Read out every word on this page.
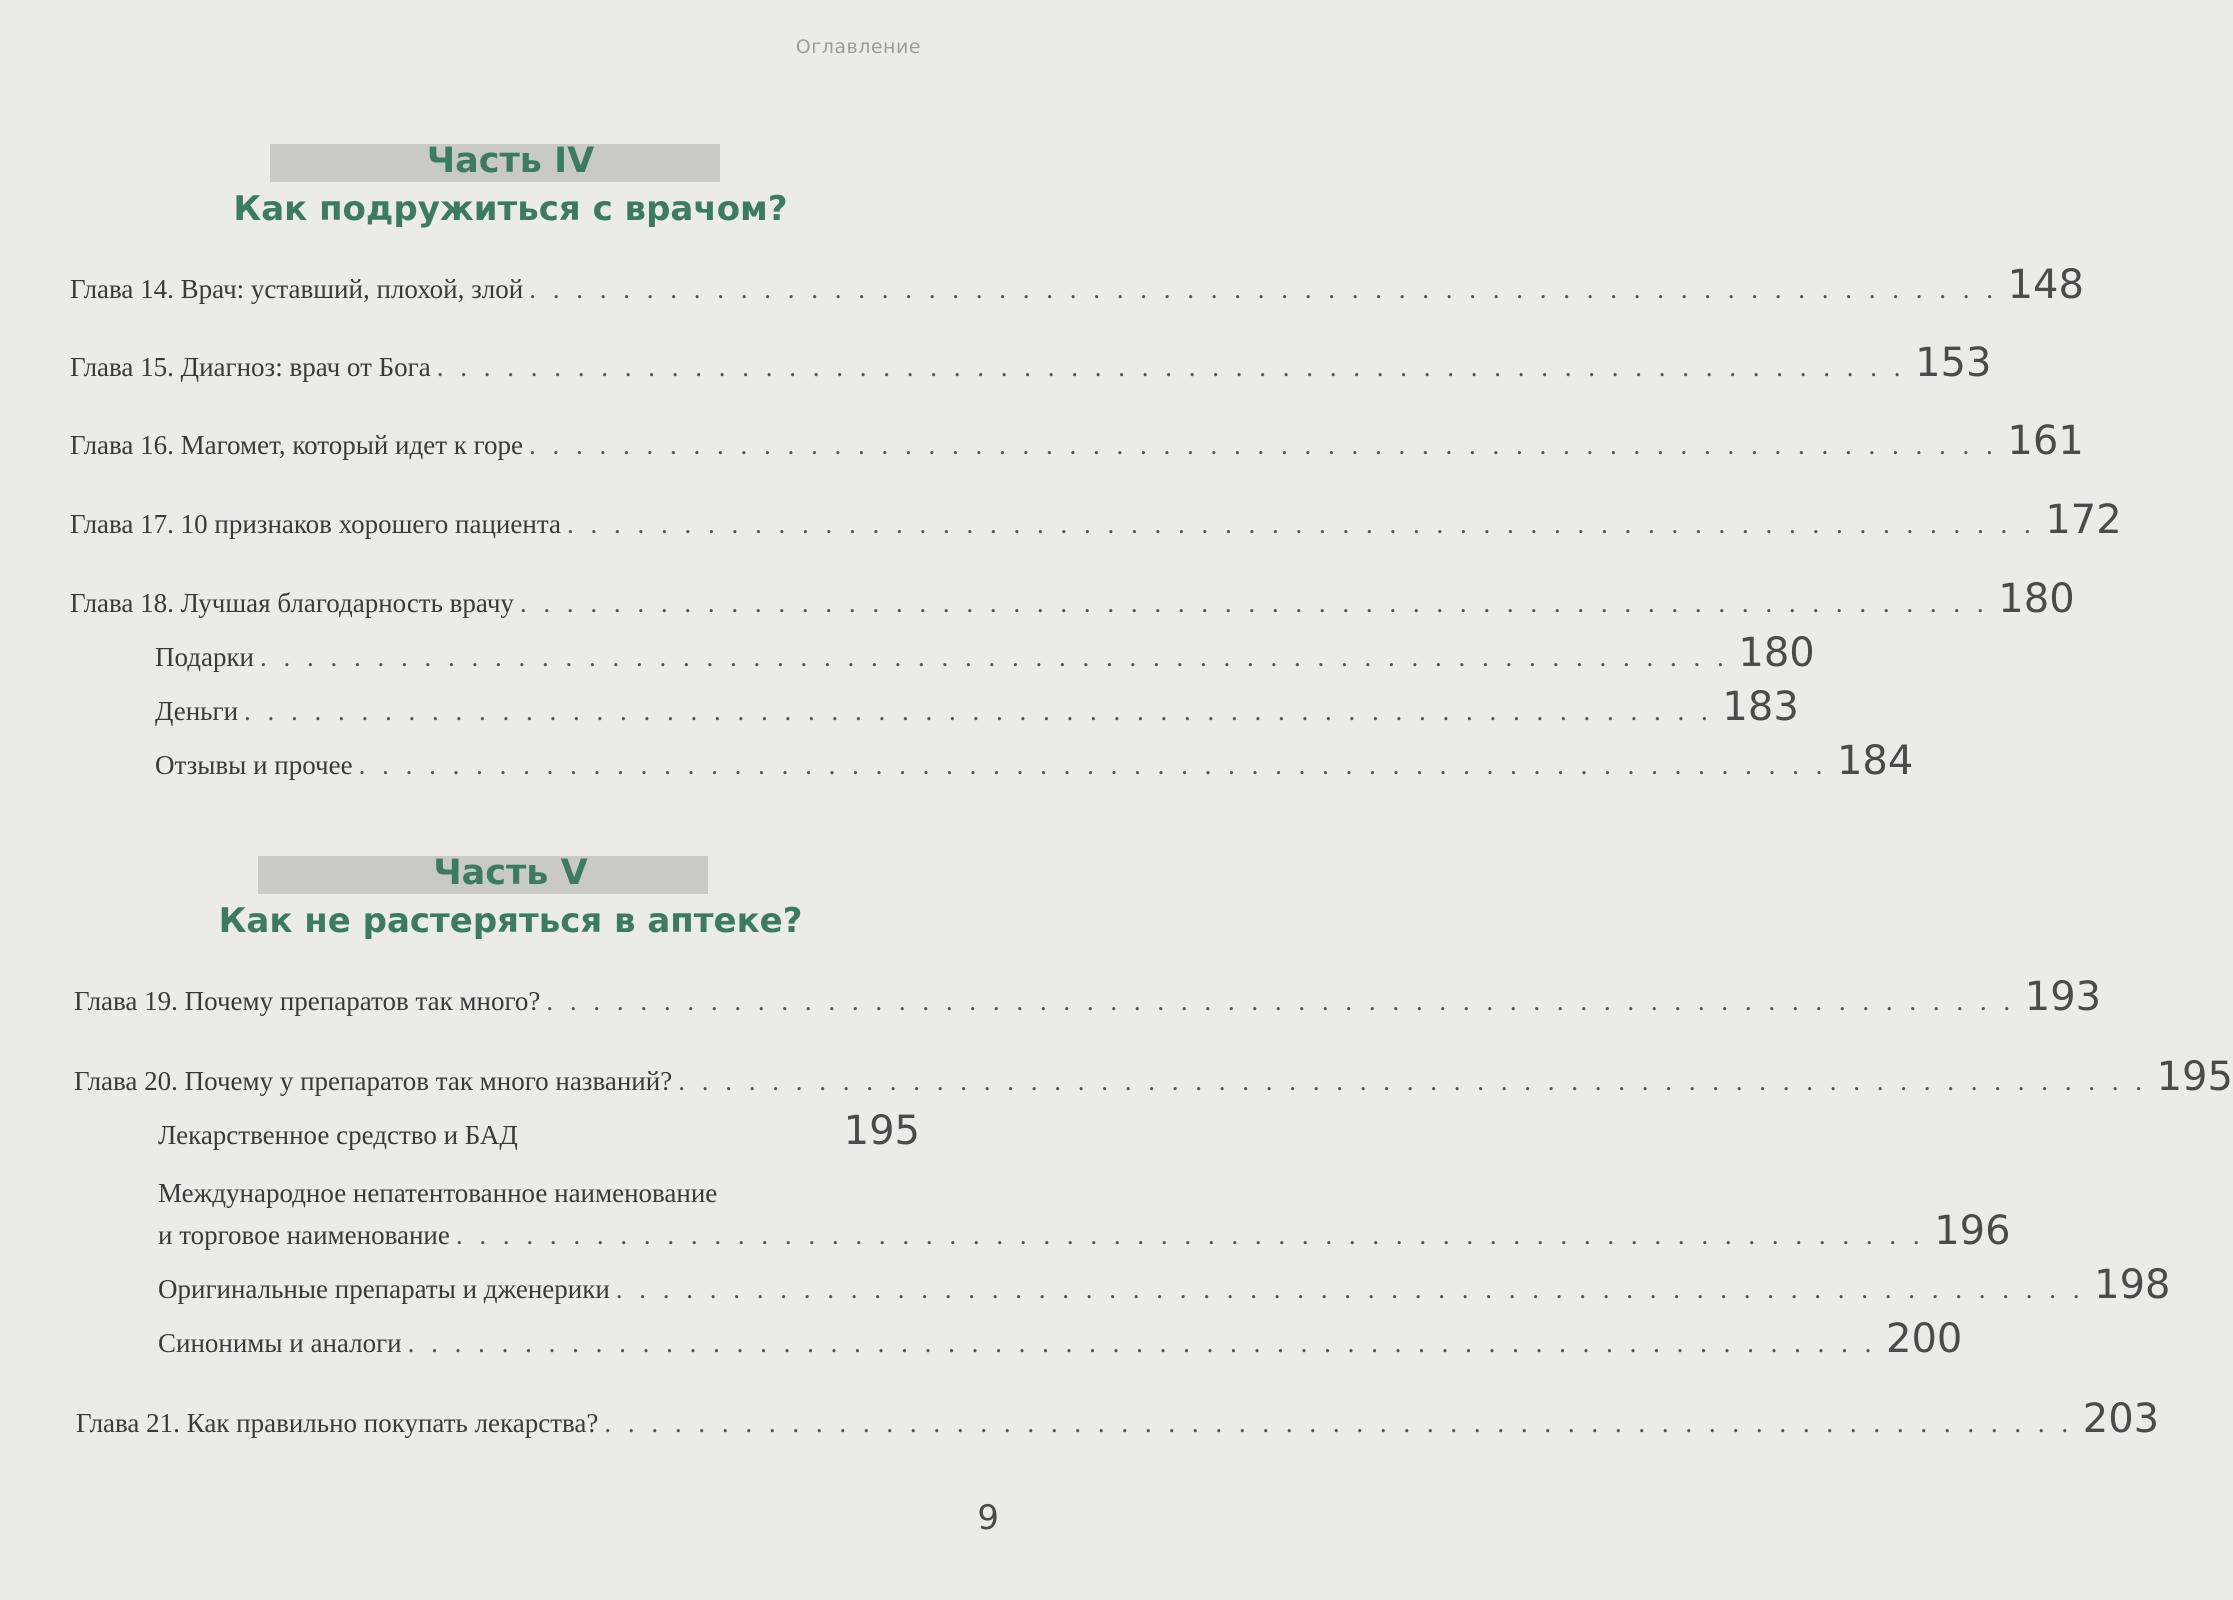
Оглавление
Часть IV
Как подружиться с врачом?
Глава 14. Врач: уставший, плохой, злой . . . . . . . . . . . . . . . . . . . . . . . . . . . . . . . . . . . . . . . . . . . . . . . . . . . . . . . . . . . . . . . 148
Глава 15. Диагноз: врач от Бога . . . . . . . . . . . . . . . . . . . . . . . . . . . . . . . . . . . . . . . . . . . . . . . . . . . . . . . . . . . . . . . 153
Глава 16. Магомет, который идет к горе . . . . . . . . . . . . . . . . . . . . . . . . . . . . . . . . . . . . . . . . . . . . . . . . . . . . . . . . . . . . . . . 161
Глава 17. 10 признаков хорошего пациента . . . . . . . . . . . . . . . . . . . . . . . . . . . . . . . . . . . . . . . . . . . . . . . . . . . . . . . . . . . . . . . 172
Глава 18. Лучшая благодарность врачу . . . . . . . . . . . . . . . . . . . . . . . . . . . . . . . . . . . . . . . . . . . . . . . . . . . . . . . . . . . . . . . 180
Подарки . . . . . . . . . . . . . . . . . . . . . . . . . . . . . . . . . . . . . . . . . . . . . . . . . . . . . . . . . . . . . . . 180
Деньги . . . . . . . . . . . . . . . . . . . . . . . . . . . . . . . . . . . . . . . . . . . . . . . . . . . . . . . . . . . . . . . 183
Отзывы и прочее . . . . . . . . . . . . . . . . . . . . . . . . . . . . . . . . . . . . . . . . . . . . . . . . . . . . . . . . . . . . . . . 184
Часть V
Как не растеряться в аптеке?
Глава 19. Почему препаратов так много? . . . . . . . . . . . . . . . . . . . . . . . . . . . . . . . . . . . . . . . . . . . . . . . . . . . . . . . . . . . . . . . 193
Глава 20. Почему у препаратов так много названий? . . . . . . . . . . . . . . . . . . . . . . . . . . . . . . . . . . . . . . . . . . . . . . . . . . . . . . . . . . . . . . . 195
Лекарственное средство и БАД	195
Международное непатентованное наименование
и торговое наименование . . . . . . . . . . . . . . . . . . . . . . . . . . . . . . . . . . . . . . . . . . . . . . . . . . . . . . . . . . . . . . . 196
Оригинальные препараты и дженерики . . . . . . . . . . . . . . . . . . . . . . . . . . . . . . . . . . . . . . . . . . . . . . . . . . . . . . . . . . . . . . . 198
Синонимы и аналоги . . . . . . . . . . . . . . . . . . . . . . . . . . . . . . . . . . . . . . . . . . . . . . . . . . . . . . . . . . . . . . . 200
Глава 21. Как правильно покупать лекарства? . . . . . . . . . . . . . . . . . . . . . . . . . . . . . . . . . . . . . . . . . . . . . . . . . . . . . . . . . . . . . . . 203
9
